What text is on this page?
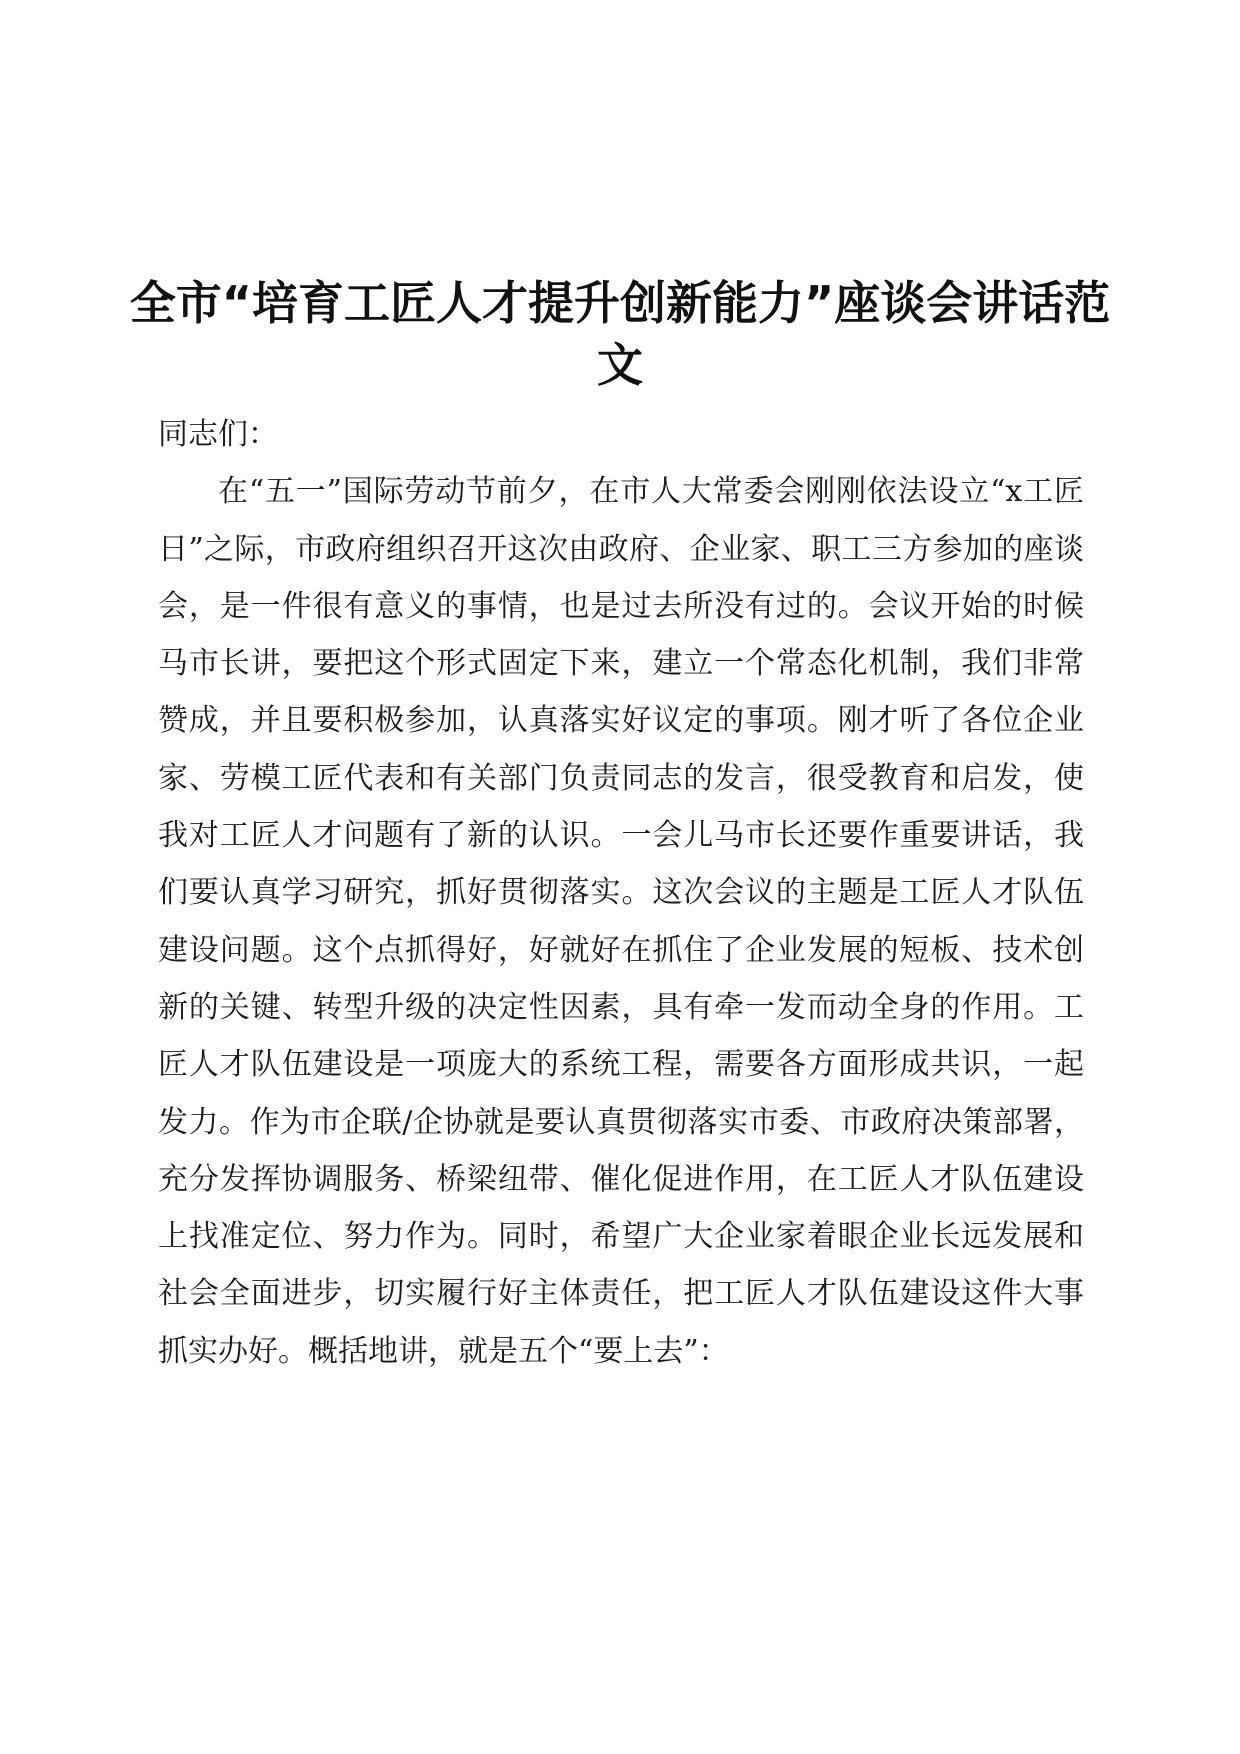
全市“培育工匠人才提升创新能力”座谈会讲话范文

同志们：

在“五一”国际劳动节前夕，在市人大常委会刚刚依法设立“x工匠日”之际，市政府组织召开这次由政府、企业家、职工三方参加的座谈会，是一件很有意义的事情，也是过去所没有过的。会议开始的时候马市长讲，要把这个形式固定下来，建立一个常态化机制，我们非常赞成，并且要积极参加，认真落实好议定的事项。刚才听了各位企业家、劳模工匠代表和有关部门负责同志的发言，很受教育和启发，使我对工匠人才问题有了新的认识。一会儿马市长还要作重要讲话，我们要认真学习研究，抓好贯彻落实。这次会议的主题是工匠人才队伍建设问题。这个点抓得好，好就好在抓住了企业发展的短板、技术创新的关键、转型升级的决定性因素，具有牵一发而动全身的作用。工匠人才队伍建设是一项庞大的系统工程，需要各方面形成共识，一起发力。作为市企联/企协就是要认真贯彻落实市委、市政府决策部署，充分发挥协调服务、桥梁纽带、催化促进作用，在工匠人才队伍建设上找准定位、努力作为。同时，希望广大企业家着眼企业长远发展和社会全面进步，切实履行好主体责任，把工匠人才队伍建设这件大事抓实办好。概括地讲，就是五个“要上去”：
